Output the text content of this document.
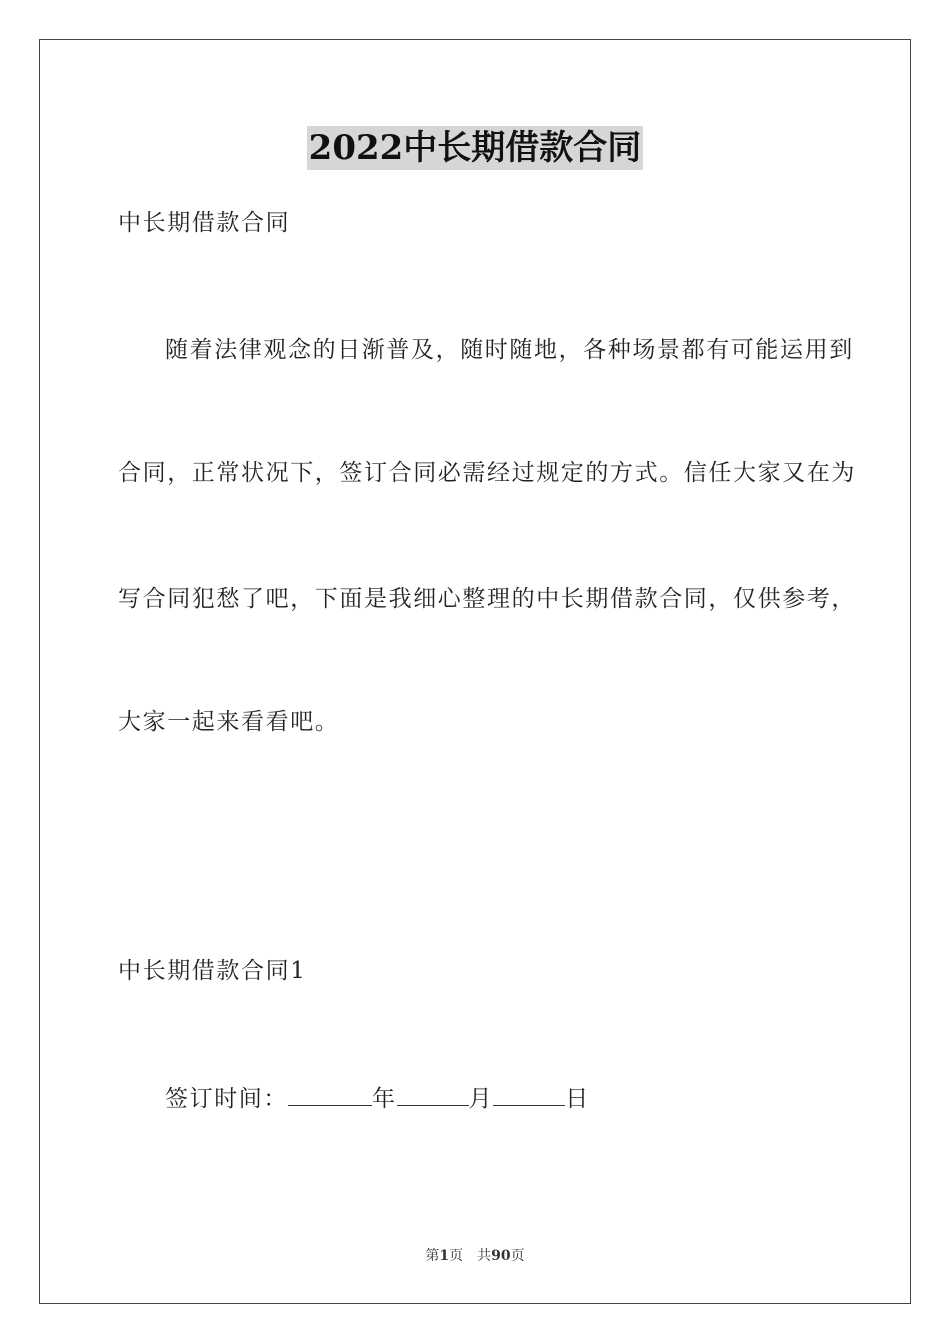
2022中长期借款合同
中长期借款合同
随着法律观念的日渐普及，随时随地，各种场景都有可能运用到
合同，正常状况下，签订合同必需经过规定的方式。信任大家又在为
写合同犯愁了吧，下面是我细心整理的中长期借款合同，仅供参考，
大家一起来看看吧。
中长期借款合同1
签订时间：	年	月	日
第1页　共90页
